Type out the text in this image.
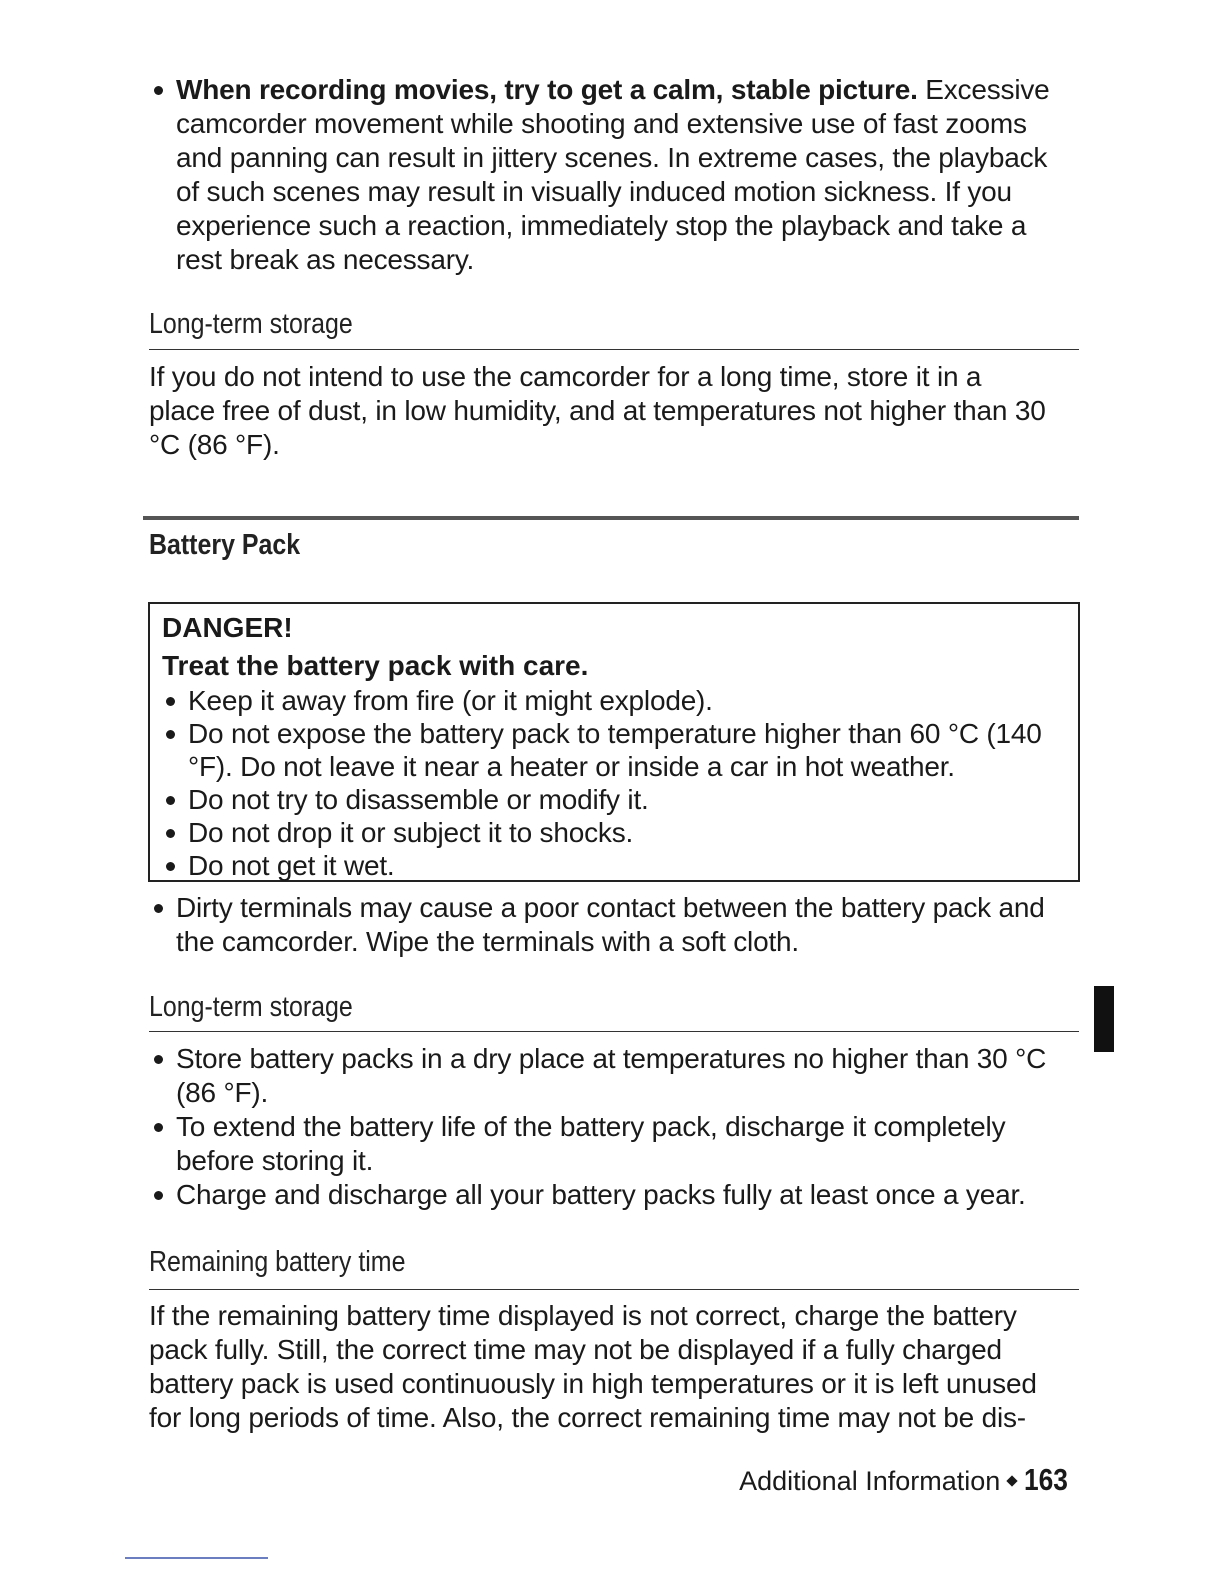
When recording movies, try to get a calm, stable picture. Excessive camcorder movement while shooting and extensive use of fast zooms and panning can result in jittery scenes. In extreme cases, the playback of such scenes may result in visually induced motion sickness. If you experience such a reaction, immediately stop the playback and take a rest break as necessary.
Long-term storage
If you do not intend to use the camcorder for a long time, store it in a place free of dust, in low humidity, and at temperatures not higher than 30 °C (86 °F).
Battery Pack
DANGER!
Treat the battery pack with care.
Keep it away from fire (or it might explode).
Do not expose the battery pack to temperature higher than 60 °C (140 °F). Do not leave it near a heater or inside a car in hot weather.
Do not try to disassemble or modify it.
Do not drop it or subject it to shocks.
Do not get it wet.
Dirty terminals may cause a poor contact between the battery pack and the camcorder. Wipe the terminals with a soft cloth.
Long-term storage
Store battery packs in a dry place at temperatures no higher than 30 °C (86 °F).
To extend the battery life of the battery pack, discharge it completely before storing it.
Charge and discharge all your battery packs fully at least once a year.
Remaining battery time
If the remaining battery time displayed is not correct, charge the battery pack fully. Still, the correct time may not be displayed if a fully charged battery pack is used continuously in high temperatures or it is left unused for long periods of time. Also, the correct remaining time may not be dis-
Additional Information 163
